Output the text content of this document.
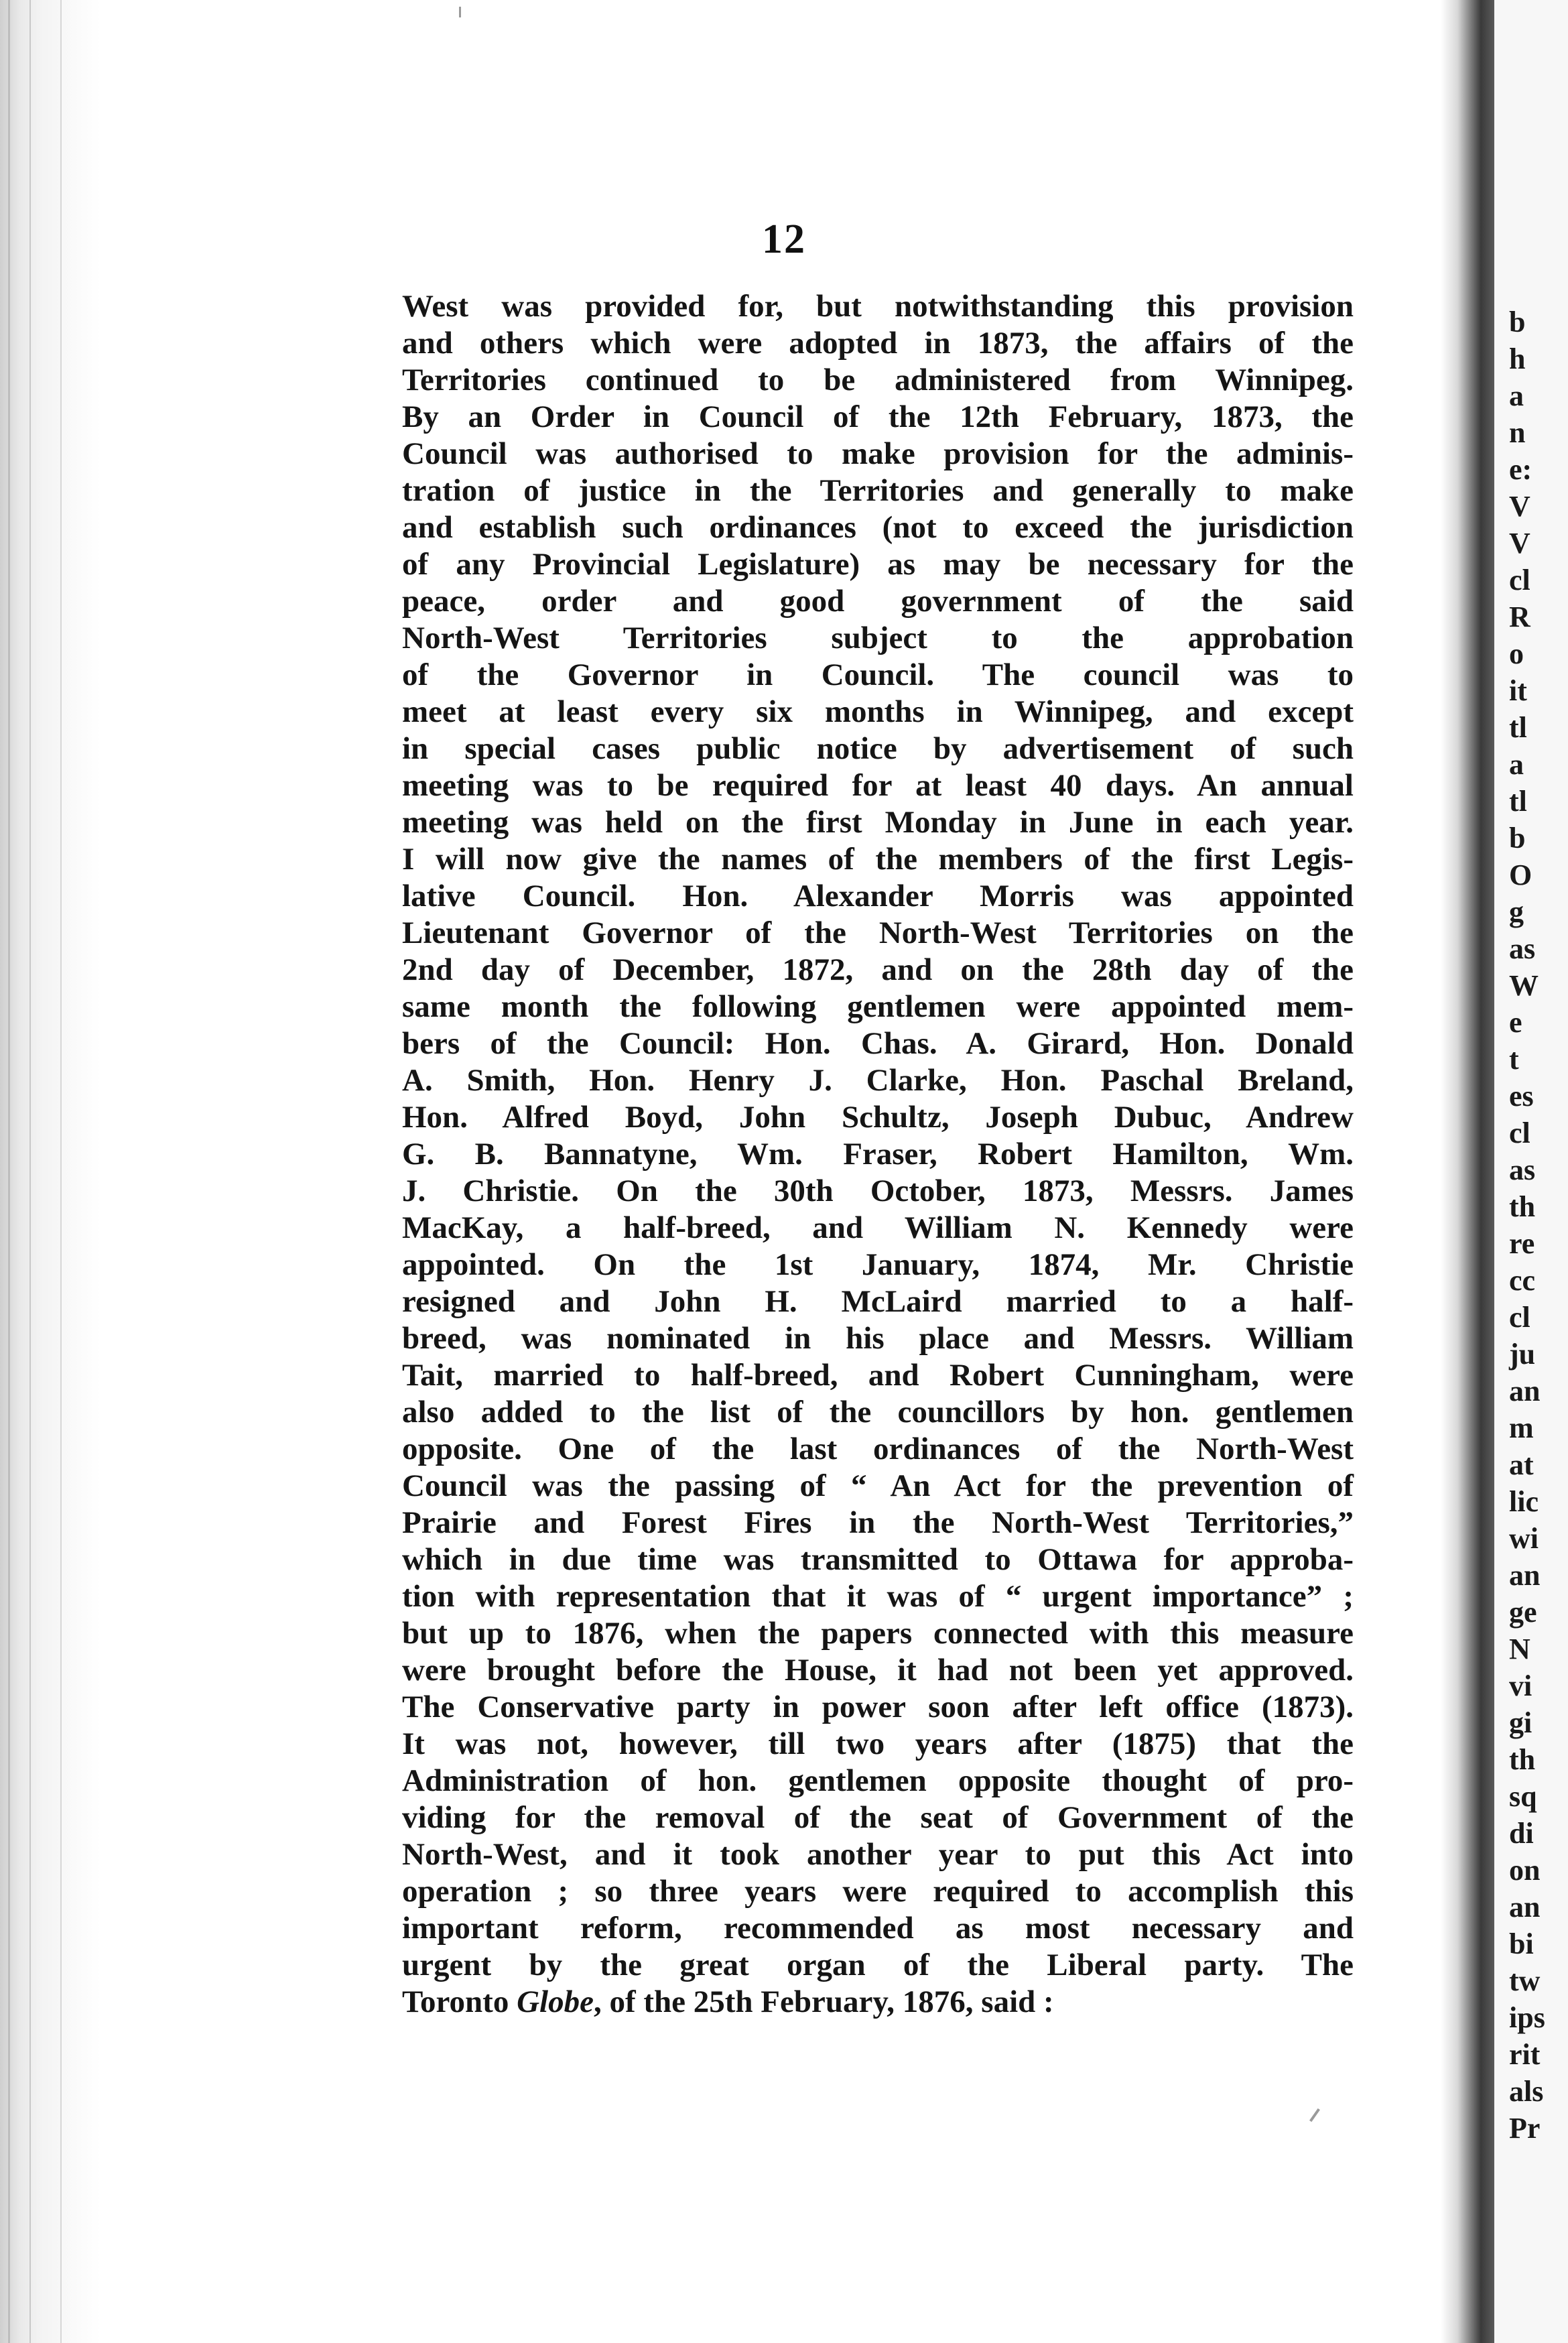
12
West was provided for, but notwithstanding this provision
and others which were adopted in 1873, the affairs of the
Territories continued to be administered from Winnipeg.
By an Order in Council of the 12th February, 1873, the
Council was authorised to make provision for the adminis-
tration of justice in the Territories and generally to make
and establish such ordinances (not to exceed the jurisdiction
of any Provincial Legislature) as may be necessary for the
peace, order and good government of the said
North-West Territories subject to the approbation
of the Governor in Council. The council was to
meet at least every six months in Winnipeg, and except
in special cases public notice by advertisement of such
meeting was to be required for at least 40 days. An annual
meeting was held on the first Monday in June in each year.
I will now give the names of the members of the first Legis-
lative Council. Hon. Alexander Morris was appointed
Lieutenant Governor of the North-West Territories on the
2nd day of December, 1872, and on the 28th day of the
same month the following gentlemen were appointed mem-
bers of the Council: Hon. Chas. A. Girard, Hon. Donald
A. Smith, Hon. Henry J. Clarke, Hon. Paschal Breland,
Hon. Alfred Boyd, John Schultz, Joseph Dubuc, Andrew
G. B. Bannatyne, Wm. Fraser, Robert Hamilton, Wm.
J. Christie. On the 30th October, 1873, Messrs. James
MacKay, a half-breed, and William N. Kennedy were
appointed. On the 1st January, 1874, Mr. Christie
resigned and John H. McLaird married to a half-
breed, was nominated in his place and Messrs. William
Tait, married to half-breed, and Robert Cunningham, were
also added to the list of the councillors by hon. gentlemen
opposite. One of the last ordinances of the North-West
Council was the passing of “ An Act for the prevention of
Prairie and Forest Fires in the North-West Territories,”
which in due time was transmitted to Ottawa for approba-
tion with representation that it was of “ urgent importance” ;
but up to 1876, when the papers connected with this measure
were brought before the House, it had not been yet approved.
The Conservative party in power soon after left office (1873).
It was not, however, till two years after (1875) that the
Administration of hon. gentlemen opposite thought of pro-
viding for the removal of the seat of Government of the
North-West, and it took another year to put this Act into
operation ; so three years were required to accomplish this
important reform, recommended as most necessary and
urgent by the great organ of the Liberal party. The
Toronto Globe, of the 25th February, 1876, said :
b
h
a
n
e:
V
V
cl
R
o
it
tl
a
tl
b
O
g
as
W
e
t
es
cl
as
th
re
cc
cl
ju
an
m
at
lic
wi
an
ge
N
vi
gi
th
sq
di
on
an
bi
tw
ips
rit
als
Pr
